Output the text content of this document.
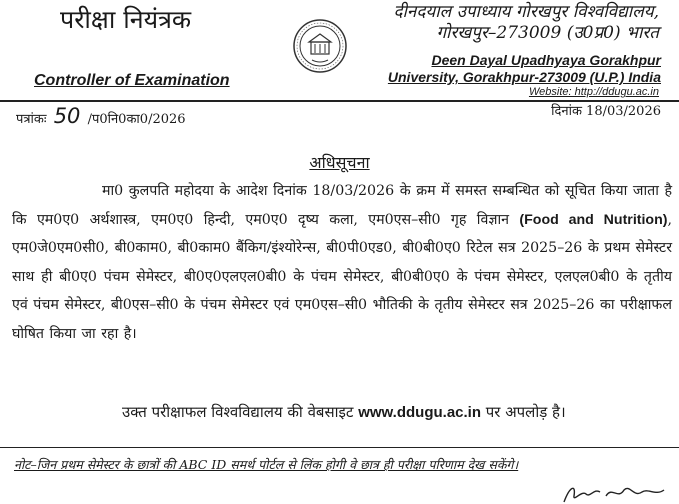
परीक्षा नियंत्रक	दीनदयाल उपाध्याय गोरखपुर विश्वविद्यालय,
गोरखपुर–273009 (उ0प्र0) भारत
Deen Dayal Upadhyaya Gorakhpur
University, Gorakhpur-273009 (U.P.) India
Controller of Examination
Website: http://ddugu.ac.in
पत्रांकः 50 /प0नि0का0/2026
दिनांक 18/03/2026
अधिसूचना
मा0 कुलपति महोदया के आदेश दिनांक 18/03/2026 के क्रम में समस्त सम्बन्धित को सूचित किया जाता है कि एम0ए0 अर्थशास्त्र, एम0ए0 हिन्दी, एम0ए0 दृष्य कला, एम0एस–सी0 गृह विज्ञान (Food and Nutrition), एम0जे0एम0सी0, बी0काम0, बी0काम0 बैंकिग/इंश्योरेन्स, बी0पी0एड0, बी0बी0ए0 रिटेल सत्र 2025–26 के प्रथम सेमेस्टर साथ ही बी0ए0 पंचम सेमेस्टर, बी0ए0एलएल0बी0 के पंचम सेमेस्टर, बी0बी0ए0 के पंचम सेमेस्टर, एलएल0बी0 के तृतीय एवं पंचम सेमेस्टर, बी0एस–सी0 के पंचम सेमेस्टर एवं एम0एस–सी0 भौतिकी के तृतीय सेमेस्टर सत्र 2025–26 का परीक्षाफल घोषित किया जा रहा है।
उक्त परीक्षाफल विश्वविद्यालय की वेबसाइट www.ddugu.ac.in पर अपलोड़ है।
नोट–जिन प्रथम सेमेस्टर के छात्रों की ABC ID समर्थ पोर्टल से लिंक होगी वे छात्र ही परीक्षा परिणाम देख सकेंगे।
